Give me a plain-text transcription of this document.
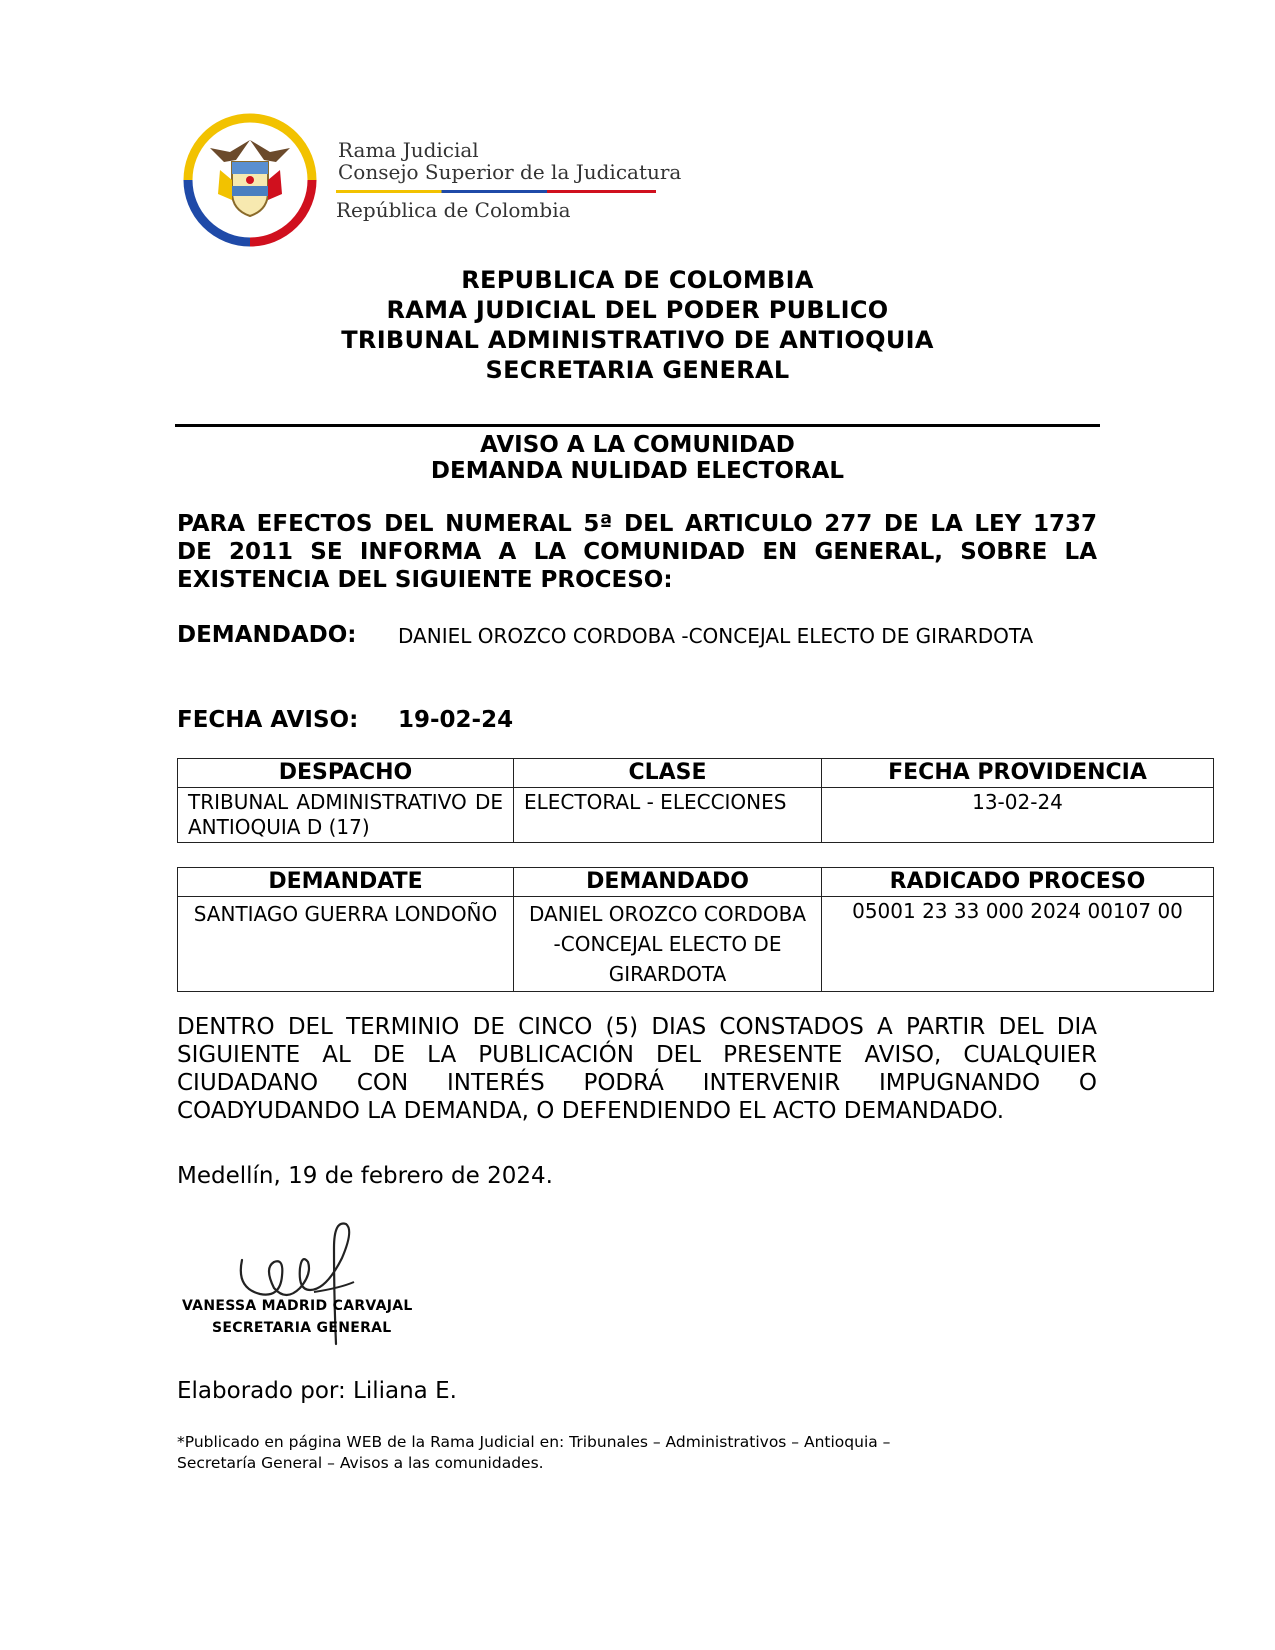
Rama Judicial
Consejo Superior de la Judicatura
República de Colombia
REPUBLICA DE COLOMBIA
RAMA JUDICIAL DEL PODER PUBLICO
TRIBUNAL ADMINISTRATIVO DE ANTIOQUIA
SECRETARIA GENERAL
AVISO A LA COMUNIDAD
DEMANDA NULIDAD ELECTORAL
PARA EFECTOS DEL NUMERAL 5ª DEL ARTICULO 277 DE LA LEY 1737 DE 2011 SE INFORMA A LA COMUNIDAD EN GENERAL, SOBRE LA EXISTENCIA DEL SIGUIENTE PROCESO:
DEMANDADO: DANIEL OROZCO CORDOBA -CONCEJAL ELECTO DE GIRARDOTA
FECHA AVISO: 19-02-24
DESPACHO	CLASE	FECHA PROVIDENCIA
TRIBUNAL ADMINISTRATIVO DE ANTIOQUIA D (17)	ELECTORAL - ELECCIONES	13-02-24
DEMANDATE	DEMANDADO	RADICADO PROCESO
SANTIAGO GUERRA LONDOÑO	DANIEL OROZCO CORDOBA -CONCEJAL ELECTO DE GIRARDOTA	05001 23 33 000 2024 00107 00
DENTRO DEL TERMINIO DE CINCO (5) DIAS CONSTADOS A PARTIR DEL DIA SIGUIENTE AL DE LA PUBLICACIÓN DEL PRESENTE AVISO, CUALQUIER CIUDADANO CON INTERÉS PODRÁ INTERVENIR IMPUGNANDO O COADYUDANDO LA DEMANDA, O DEFENDIENDO EL ACTO DEMANDADO.
Medellín, 19 de febrero de 2024.
VANESSA MADRID CARVAJAL
SECRETARIA GENERAL
Elaborado por: Liliana E.
*Publicado en página WEB de la Rama Judicial en: Tribunales – Administrativos – Antioquia – Secretaría General – Avisos a las comunidades.
